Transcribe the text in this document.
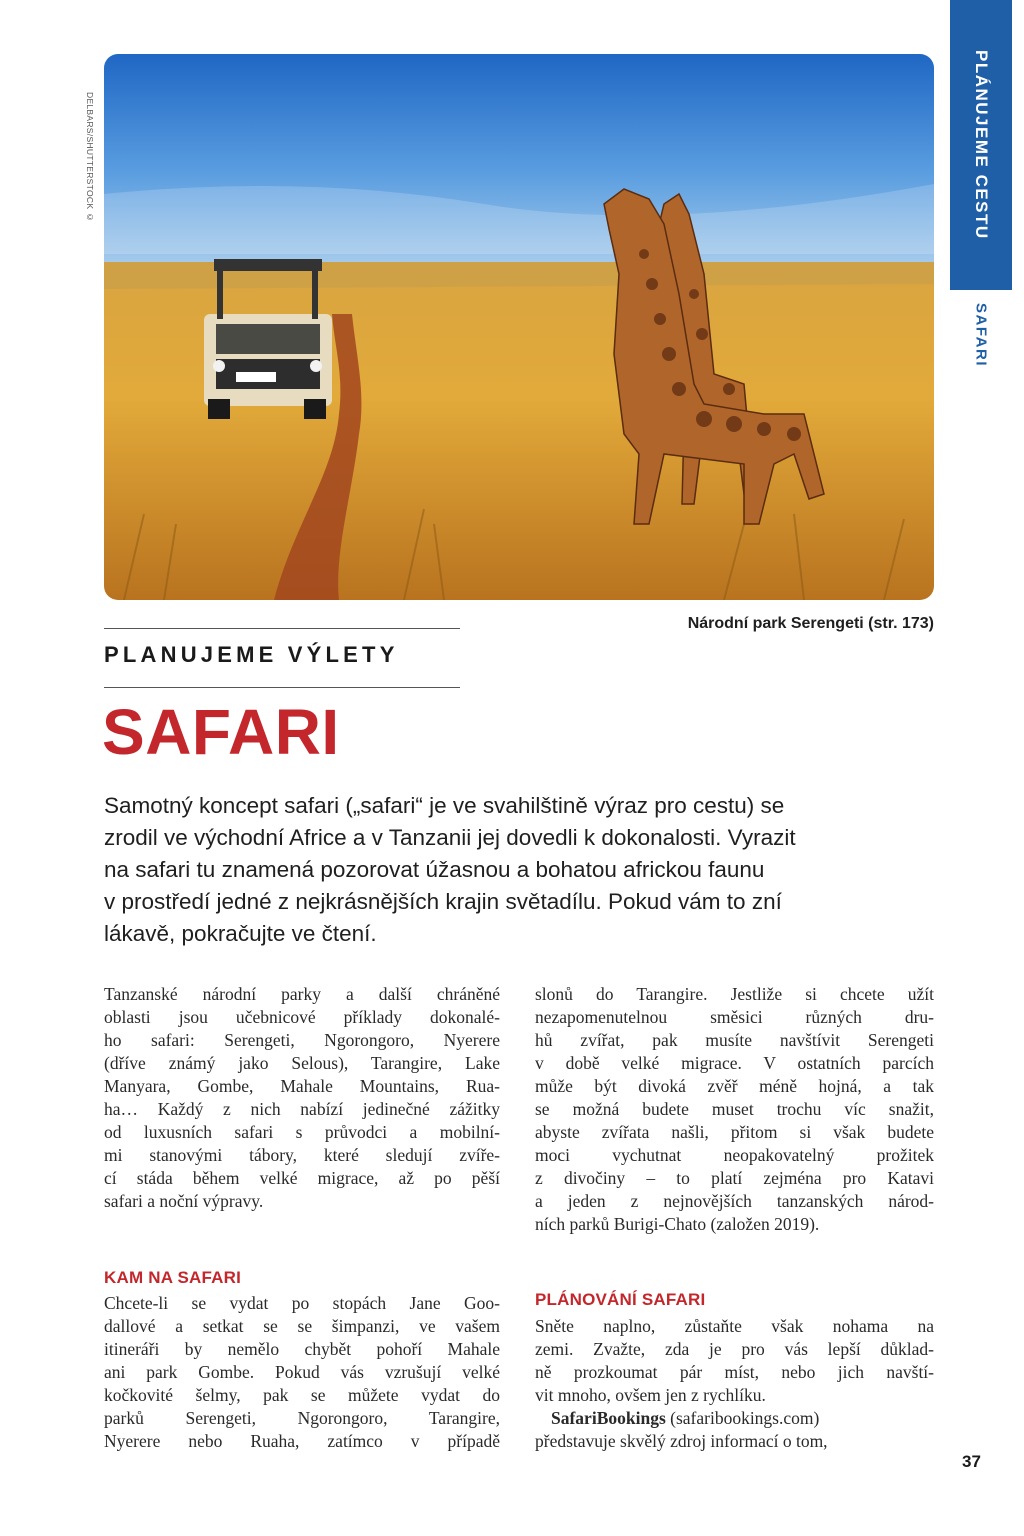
DELBARS/SHUTTERSTOCK ©
Národní park Serengeti (str. 173)
PLÁNUJEME CESTU
SAFARI
PLANUJEME VÝLETY
SAFARI
Samotný koncept safari („safari“ je ve svahilštině výraz pro cestu) se
zrodil ve východní Africe a v Tanzanii jej dovedli k dokonalosti. Vyrazit
na safari tu znamená pozorovat úžasnou a bohatou africkou faunu
v prostředí jedné z nejkrásnějších krajin světadílu. Pokud vám to zní
lákavě, pokračujte ve čtení.
Tanzanské národní parky a další chráněné
oblasti jsou učebnicové příklady dokonalé-
ho safari: Serengeti, Ngorongoro, Nyerere
(dříve známý jako Selous), Tarangire, Lake
Manyara, Gombe, Mahale Mountains, Rua-
ha… Každý z nich nabízí jedinečné zážitky
od luxusních safari s průvodci a mobilní-
mi stanovými tábory, které sledují zvíře-
cí stáda během velké migrace, až po pěší
safari a noční výpravy.
KAM NA SAFARI
Chcete-li se vydat po stopách Jane Goo-
dallové a setkat se se šimpanzi, ve vašem
itineráři by nemělo chybět pohoří Mahale
ani park Gombe. Pokud vás vzrušují velké
kočkovité šelmy, pak se můžete vydat do
parků Serengeti, Ngorongoro, Tarangire,
Nyerere nebo Ruaha, zatímco v případě
slonů do Tarangire. Jestliže si chcete užít
nezapomenutelnou směsici různých dru-
hů zvířat, pak musíte navštívit Serengeti
v době velké migrace. V ostatních parcích
může být divoká zvěř méně hojná, a tak
se možná budete muset trochu víc snažit,
abyste zvířata našli, přitom si však budete
moci vychutnat neopakovatelný prožitek
z divočiny – to platí zejména pro Katavi
a jeden z nejnovějších tanzanských národ-
ních parků Burigi-Chato (založen 2019).
PLÁNOVÁNÍ SAFARI
Sněte naplno, zůstaňte však nohama na
zemi. Zvažte, zda je pro vás lepší důklad-
ně prozkoumat pár míst, nebo jich navští-
vit mnoho, ovšem jen z rychlíku.
SafariBookings (safaribookings.com)
představuje skvělý zdroj informací o tom,
37
